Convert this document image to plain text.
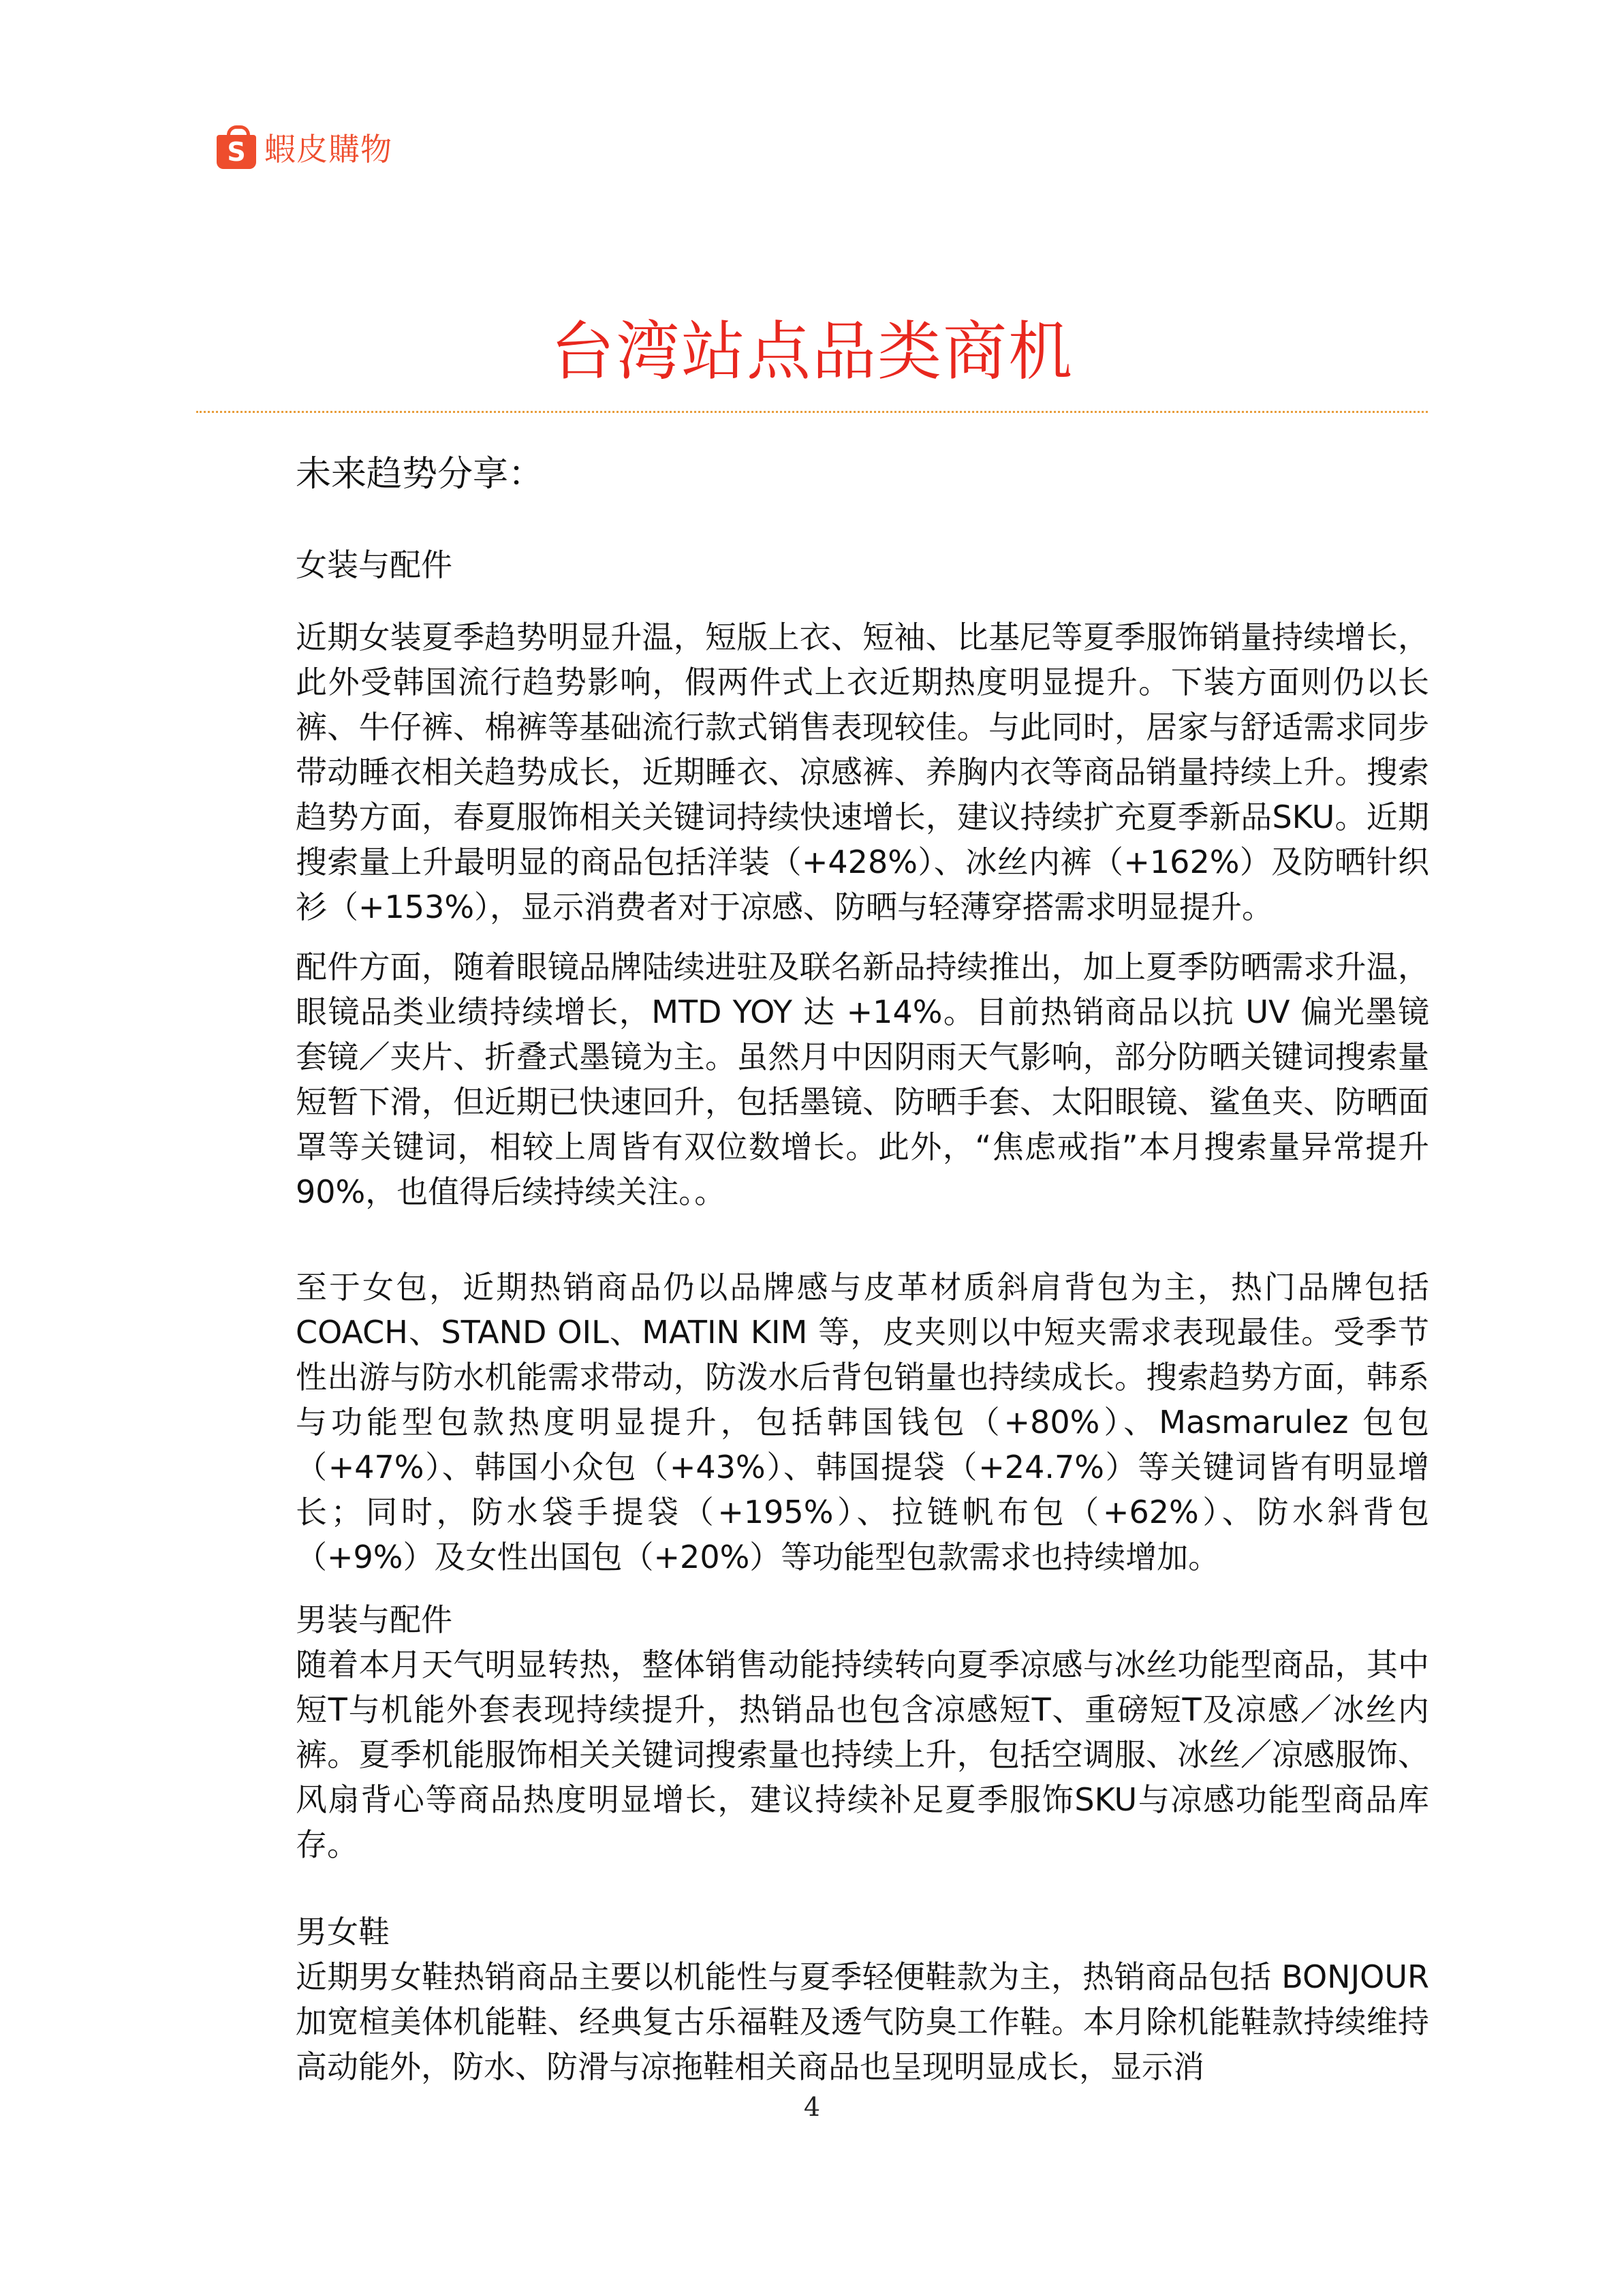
S 蝦皮購物
台湾站点品类商机
未来趋势分享：
女装与配件

近期女装夏季趋势明显升温，短版上衣、短袖、比基尼等夏季服饰销量持续增长，此外受韩国流行趋势影响，假两件式上衣近期热度明显提升。下装方面则仍以长裤、牛仔裤、棉裤等基础流行款式销售表现较佳。与此同时，居家与舒适需求同步带动睡衣相关趋势成长，近期睡衣、凉感裤、养胸内衣等商品销量持续上升。搜索趋势方面，春夏服饰相关关键词持续快速增长，建议持续扩充夏季新品SKU。近期搜索量上升最明显的商品包括洋装（+428%）、冰丝内裤（+162%）及防晒针织衫（+153%），显示消费者对于凉感、防晒与轻薄穿搭需求明显提升。

配件方面，随着眼镜品牌陆续进驻及联名新品持续推出，加上夏季防晒需求升温，眼镜品类业绩持续增长，MTD YOY 达 +14%。目前热销商品以抗 UV 偏光墨镜套镜／夹片、折叠式墨镜为主。虽然月中因阴雨天气影响，部分防晒关键词搜索量短暂下滑，但近期已快速回升，包括墨镜、防晒手套、太阳眼镜、鲨鱼夹、防晒面罩等关键词，相较上周皆有双位数增长。此外，“焦虑戒指”本月搜索量异常提升 90%，也值得后续持续关注。。

至于女包，近期热销商品仍以品牌感与皮革材质斜肩背包为主，热门品牌包括 COACH、STAND OIL、MATIN KIM 等，皮夹则以中短夹需求表现最佳。受季节性出游与防水机能需求带动，防泼水后背包销量也持续成长。搜索趋势方面，韩系与功能型包款热度明显提升，包括韩国钱包（+80%）、Masmarulez 包包（+47%）、韩国小众包（+43%）、韩国提袋（+24.7%）等关键词皆有明显增长；同时，防水袋手提袋（+195%）、拉链帆布包（+62%）、防水斜背包（+9%）及女性出国包（+20%）等功能型包款需求也持续增加。

男装与配件

随着本月天气明显转热，整体销售动能持续转向夏季凉感与冰丝功能型商品，其中短T与机能外套表现持续提升，热销品也包含凉感短T、重磅短T及凉感／冰丝内裤。夏季机能服饰相关关键词搜索量也持续上升，包括空调服、冰丝／凉感服饰、风扇背心等商品热度明显增长，建议持续补足夏季服饰SKU与凉感功能型商品库存。

男女鞋

近期男女鞋热销商品主要以机能性与夏季轻便鞋款为主，热销商品包括 BONJOUR加宽楦美体机能鞋、经典复古乐福鞋及透气防臭工作鞋。本月除机能鞋款持续维持高动能外，防水、防滑与凉拖鞋相关商品也呈现明显成长，显示消

4
